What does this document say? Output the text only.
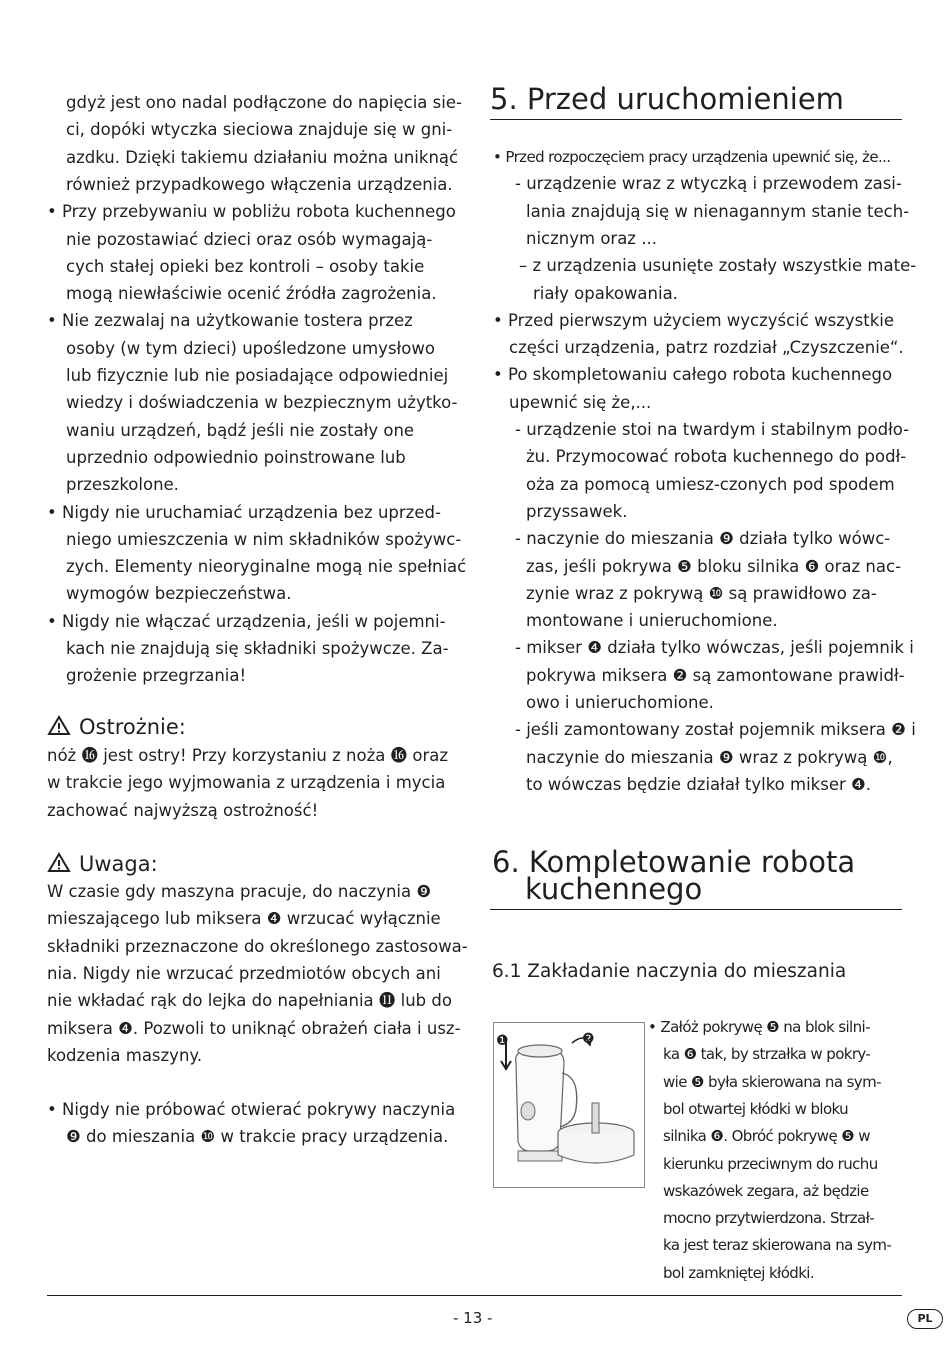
5. Przed uruchomieniem
6. Kompletowanie robota
kuchennego
6.1 Zakładanie naczynia do mieszania
❶	❷
- 13 -	PL
gdyż jest ono nadal podłączone do napięcia sie-
ci, dopóki wtyczka sieciowa znajduje się w gni-
azdku. Dzięki takiemu działaniu można uniknąć
również przypadkowego włączenia urządzenia.
• Przy przebywaniu w pobliżu robota kuchennego
nie pozostawiać dzieci oraz osób wymagają-
cych stałej opieki bez kontroli – osoby takie
mogą niewłaściwie ocenić źródła zagrożenia.
• Nie zezwalaj na użytkowanie tostera przez
osoby (w tym dzieci) upośledzone umysłowo
lub fizycznie lub nie posiadające odpowiedniej
wiedzy i doświadczenia w bezpiecznym użytko-
waniu urządzeń, bądź jeśli nie zostały one
uprzednio odpowiednio poinstrowane lub
przeszkolone.
• Nigdy nie uruchamiać urządzenia bez uprzed-
niego umieszczenia w nim składników spożywc-
zych. Elementy nieoryginalne mogą nie spełniać
wymogów bezpieczeństwa.
• Nigdy nie włączać urządzenia, jeśli w pojemni-
kach nie znajdują się składniki spożywcze. Za-
grożenie przegrzania!
Ostrożnie:
nóż ⓰ jest ostry! Przy korzystaniu z noża ⓰ oraz
w trakcie jego wyjmowania z urządzenia i mycia
zachować najwyższą ostrożność!
Uwaga:
W czasie gdy maszyna pracuje, do naczynia ❾
mieszającego lub miksera ❹ wrzucać wyłącznie
składniki przeznaczone do określonego zastosowa-
nia. Nigdy nie wrzucać przedmiotów obcych ani
nie wkładać rąk do lejka do napełniania ⓫ lub do
miksera ❹. Pozwoli to uniknąć obrażeń ciała i usz-
kodzenia maszyny.
• Nigdy nie próbować otwierać pokrywy naczynia
❾ do mieszania ❿ w trakcie pracy urządzenia.
• Przed rozpoczęciem pracy urządzenia upewnić się, że...
- urządzenie wraz z wtyczką i przewodem zasi-
lania znajdują się w nienagannym stanie tech-
nicznym oraz ...
– z urządzenia usunięte zostały wszystkie mate-
riały opakowania.
• Przed pierwszym użyciem wyczyścić wszystkie
części urządzenia, patrz rozdział „Czyszczenie“.
• Po skompletowaniu całego robota kuchennego
upewnić się że,...
- urządzenie stoi na twardym i stabilnym podło-
żu. Przymocować robota kuchennego do podł-
oża za pomocą umiesz-czonych pod spodem
przyssawek.
- naczynie do mieszania ❾ działa tylko wówc-
zas, jeśli pokrywa ❺ bloku silnika ❻ oraz nac-
zynie wraz z pokrywą ❿ są prawidłowo za-
montowane i unieruchomione.
- mikser ❹ działa tylko wówczas, jeśli pojemnik i
pokrywa miksera ❷ są zamontowane prawidł-
owo i unieruchomione.
- jeśli zamontowany został pojemnik miksera ❷ i
naczynie do mieszania ❾ wraz z pokrywą ❿,
to wówczas będzie działał tylko mikser ❹.
• Załóż pokrywę ❺ na blok silni-
ka ❻ tak, by strzałka w pokry-
wie ❺ była skierowana na sym-
bol otwartej kłódki w bloku
silnika ❻. Obróć pokrywę ❺ w
kierunku przeciwnym do ruchu
wskazówek zegara, aż będzie
mocno przytwierdzona. Strzał-
ka jest teraz skierowana na sym-
bol zamkniętej kłódki.
